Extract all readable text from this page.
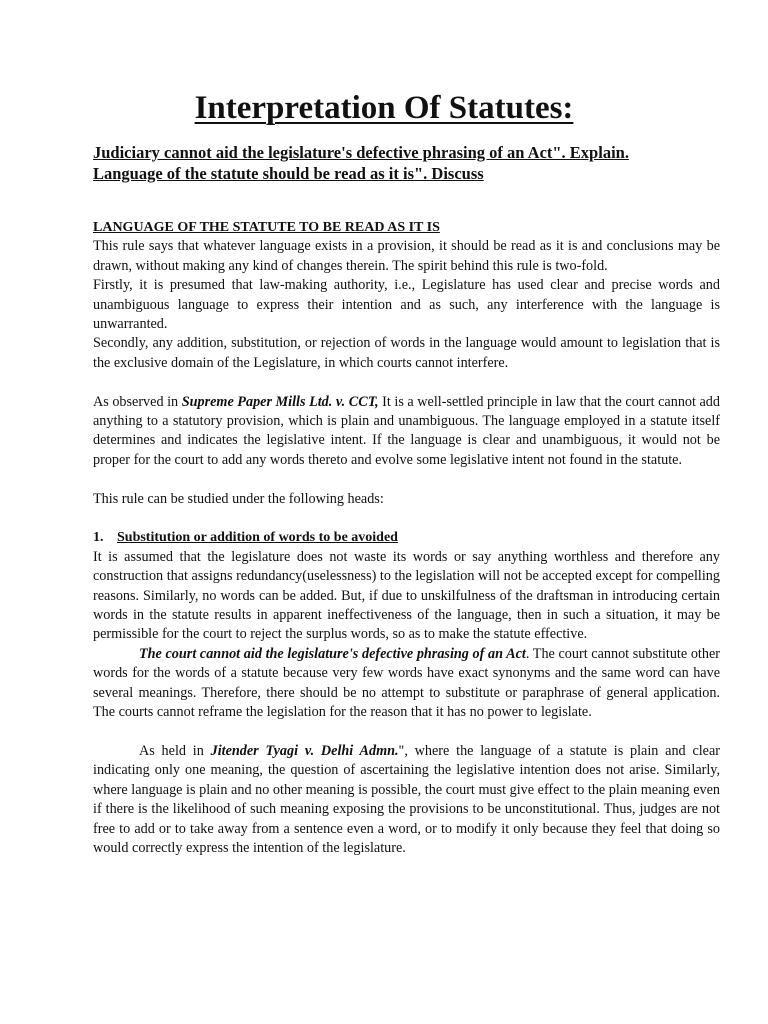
Interpretation Of Statutes:
Judiciary cannot aid the legislature's defective phrasing of an Act". Explain.
Language of the statute should be read as it is". Discuss
LANGUAGE OF THE STATUTE TO BE READ AS IT IS

This rule says that whatever language exists in a provision, it should be read as it is and conclusions may be drawn, without making any kind of changes therein. The spirit behind this rule is two-fold.

Firstly, it is presumed that law-making authority, i.e., Legislature has used clear and precise words and unambiguous language to express their intention and as such, any interference with the language is unwarranted.

Secondly, any addition, substitution, or rejection of words in the language would amount to legislation that is the exclusive domain of the Legislature, in which courts cannot interfere.

As observed in Supreme Paper Mills Ltd. v. CCT, It is a well-settled principle in law that the court cannot add anything to a statutory provision, which is plain and unambiguous. The language employed in a statute itself determines and indicates the legislative intent. If the language is clear and unambiguous, it would not be proper for the court to add any words thereto and evolve some legislative intent not found in the statute.

This rule can be studied under the following heads:

1. Substitution or addition of words to be avoided

It is assumed that the legislature does not waste its words or say anything worthless and therefore any construction that assigns redundancy(uselessness) to the legislation will not be accepted except for compelling reasons. Similarly, no words can be added. But, if due to unskilfulness of the draftsman in introducing certain words in the statute results in apparent ineffectiveness of the language, then in such a situation, it may be permissible for the court to reject the surplus words, so as to make the statute effective.

The court cannot aid the legislature's defective phrasing of an Act. The court cannot substitute other words for the words of a statute because very few words have exact synonyms and the same word can have several meanings. Therefore, there should be no attempt to substitute or paraphrase of general application. The courts cannot reframe the legislation for the reason that it has no power to legislate.

As held in Jitender Tyagi v. Delhi Admn.", where the language of a statute is plain and clear indicating only one meaning, the question of ascertaining the legislative intention does not arise. Similarly, where language is plain and no other meaning is possible, the court must give effect to the plain meaning even if there is the likelihood of such meaning exposing the provisions to be unconstitutional. Thus, judges are not free to add or to take away from a sentence even a word, or to modify it only because they feel that doing so would correctly express the intention of the legislature.
